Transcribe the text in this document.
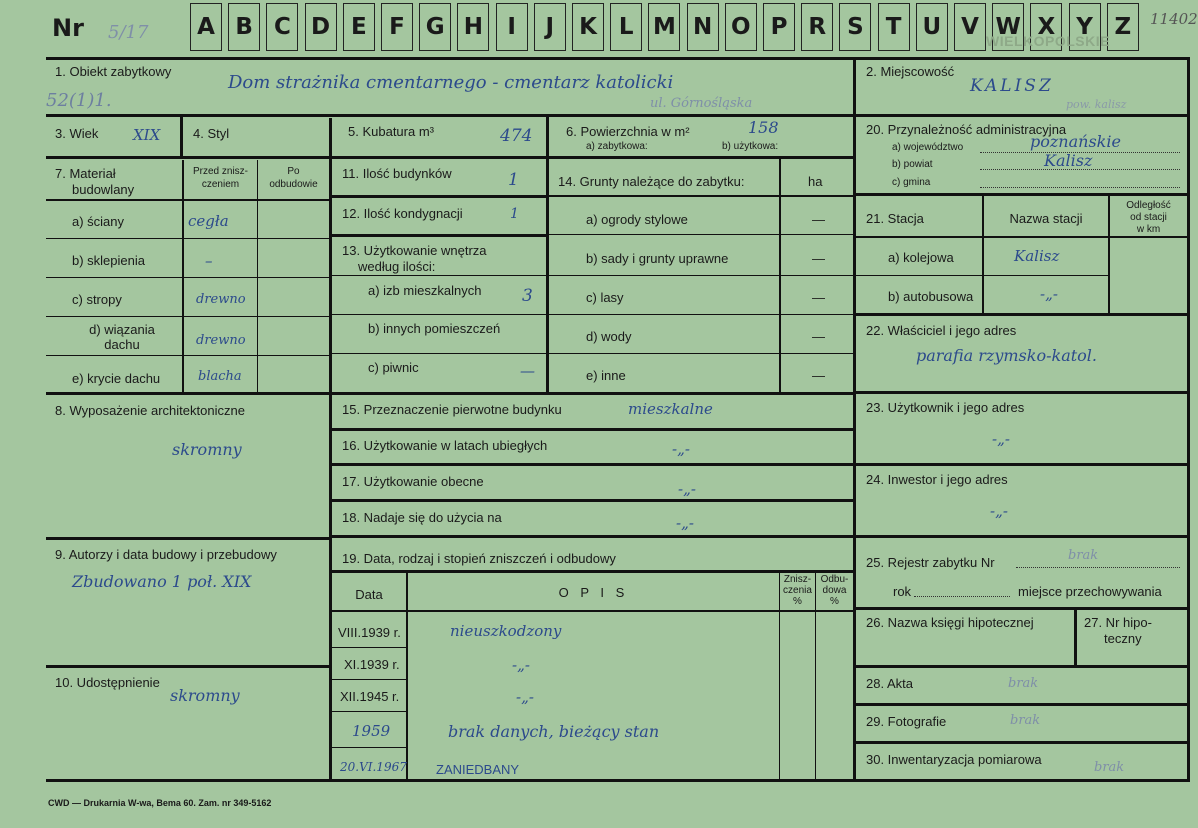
Nr 5/17	A B C D E F G H	I	J	K L M N O P R S T U V W X Y Z
WIELKOPOLSKIE
11402
1. Obiekt zabytkowy
Dom strażnika cmentarnego - cmentarz katolicki
ul. Górnośląska
52(1)1.
2. Miejscowość
KALISZ
pow. kalisz
3. Wiek XIX	4. Styl	5. Kubatura m³	474	6. Powierzchnia w m²
a) zabytkowa:	b) użytkowa:
158
7. Materiał
budowlany
Przed znisz-
czeniem
Po
odbudowie
a) ściany	cegła
b) sklepienia	–
c) stropy	drewno
d) wiązania
dachu	drewno
e) krycie dachu	blacha
8. Wyposażenie architektoniczne
skromny
9. Autorzy i data budowy i przebudowy
Zbudowano 1 poł. XIX
10. Udostępnienie
skromny
11. Ilość budynków	1
12. Ilość kondygnacji	1
13. Użytkowanie wnętrza
według ilości:
a) izb mieszkalnych 3
b) innych pomieszczeń
c) piwnic	—
14. Grunty należące do zabytku:	ha
a) ogrody stylowe	—
b) sady i grunty uprawne	—
c) lasy	—
d) wody	—
e) inne	—
15. Przeznaczenie pierwotne budynku	mieszkalne
16. Użytkowanie w latach ubiegłych	-„-
17. Użytkowanie obecne	-„-
18. Nadaje się do użycia na	-„-
19. Data, rodzaj i stopień zniszczeń i odbudowy
Data	O P I S
Znisz-
czenia
%
Odbu-
dowa
%
VIII.1939 r.	nieuszkodzony
XI.1939 r.	-„-
XII.1945 r.	-„-
1959	brak danych, bieżący stan
20.VI.1967 ZANIEDBANY
20. Przynależność administracyjna
a) województwo
b) powiat
c) gmina
poznańskie
Kalisz
21. Stacja	Nazwa stacji
Odległość
od stacji
w km
a) kolejowa	Kalisz
b) autobusowa	-„-
22. Właściciel i jego adres
parafia rzymsko-katol.
23. Użytkownik i jego adres
-„-
24. Inwestor i jego adres
-„-
25. Rejestr zabytku Nr	brak
rok	miejsce przechowywania
26. Nazwa księgi hipotecznej	27. Nr hipo-
teczny
28. Akta	brak
29. Fotografie	brak
30. Inwentaryzacja pomiarowa
brak
CWD — Drukarnia W-wa, Bema 60. Zam. nr 349-5162
